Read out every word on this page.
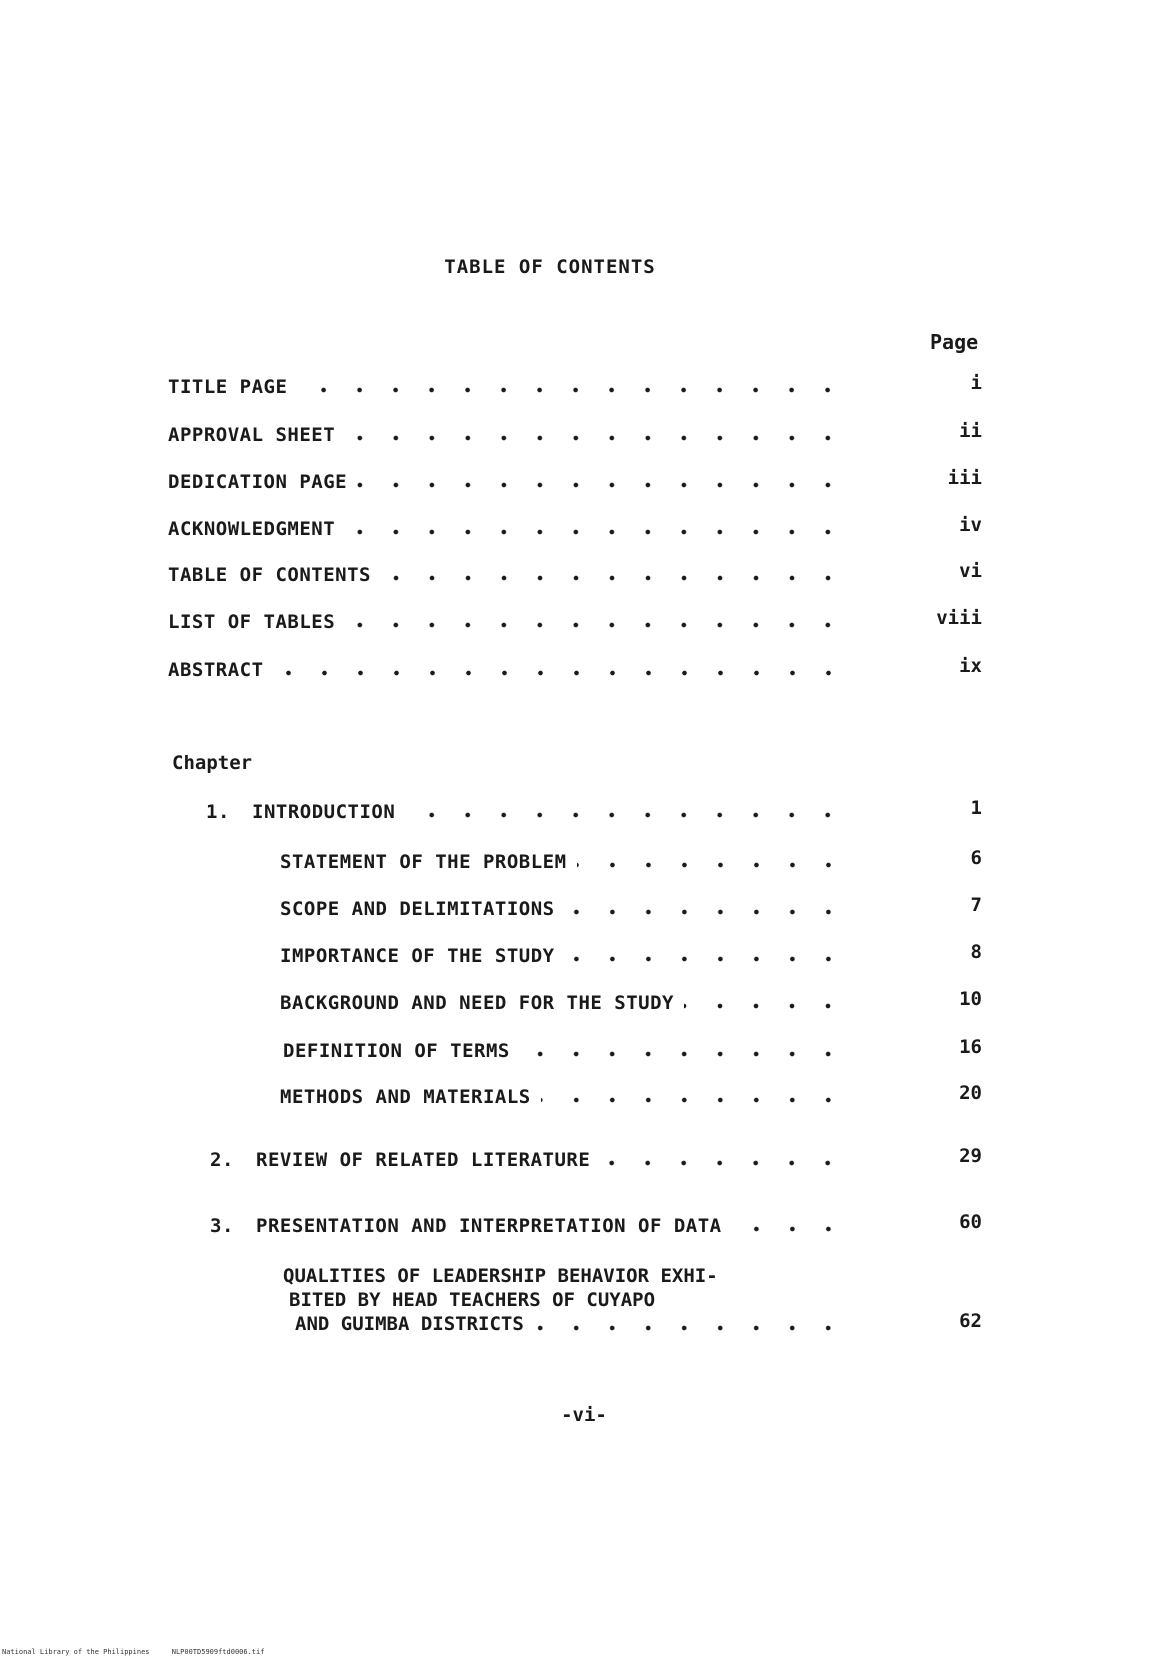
TABLE OF CONTENTS
Page
TITLE PAGE	i
APPROVAL SHEET	ii
DEDICATION PAGE	iii
ACKNOWLEDGMENT	iv
TABLE OF CONTENTS	vi
LIST OF TABLES	viii
ABSTRACT	ix
Chapter
1.	INTRODUCTION	1
STATEMENT OF THE PROBLEM	6
SCOPE AND DELIMITATIONS	7
IMPORTANCE OF THE STUDY	8
BACKGROUND AND NEED FOR THE STUDY	10
DEFINITION OF TERMS	16
METHODS AND MATERIALS	20
2.	REVIEW OF RELATED LITERATURE	29
3.	PRESENTATION AND INTERPRETATION OF DATA	60
QUALITIES OF LEADERSHIP BEHAVIOR EXHI-
BITED BY HEAD TEACHERS OF CUYAPO
AND GUIMBA DISTRICTS	62
-vi-
National Library of the Philippines	NLP00TD5909ftd0006.tif
